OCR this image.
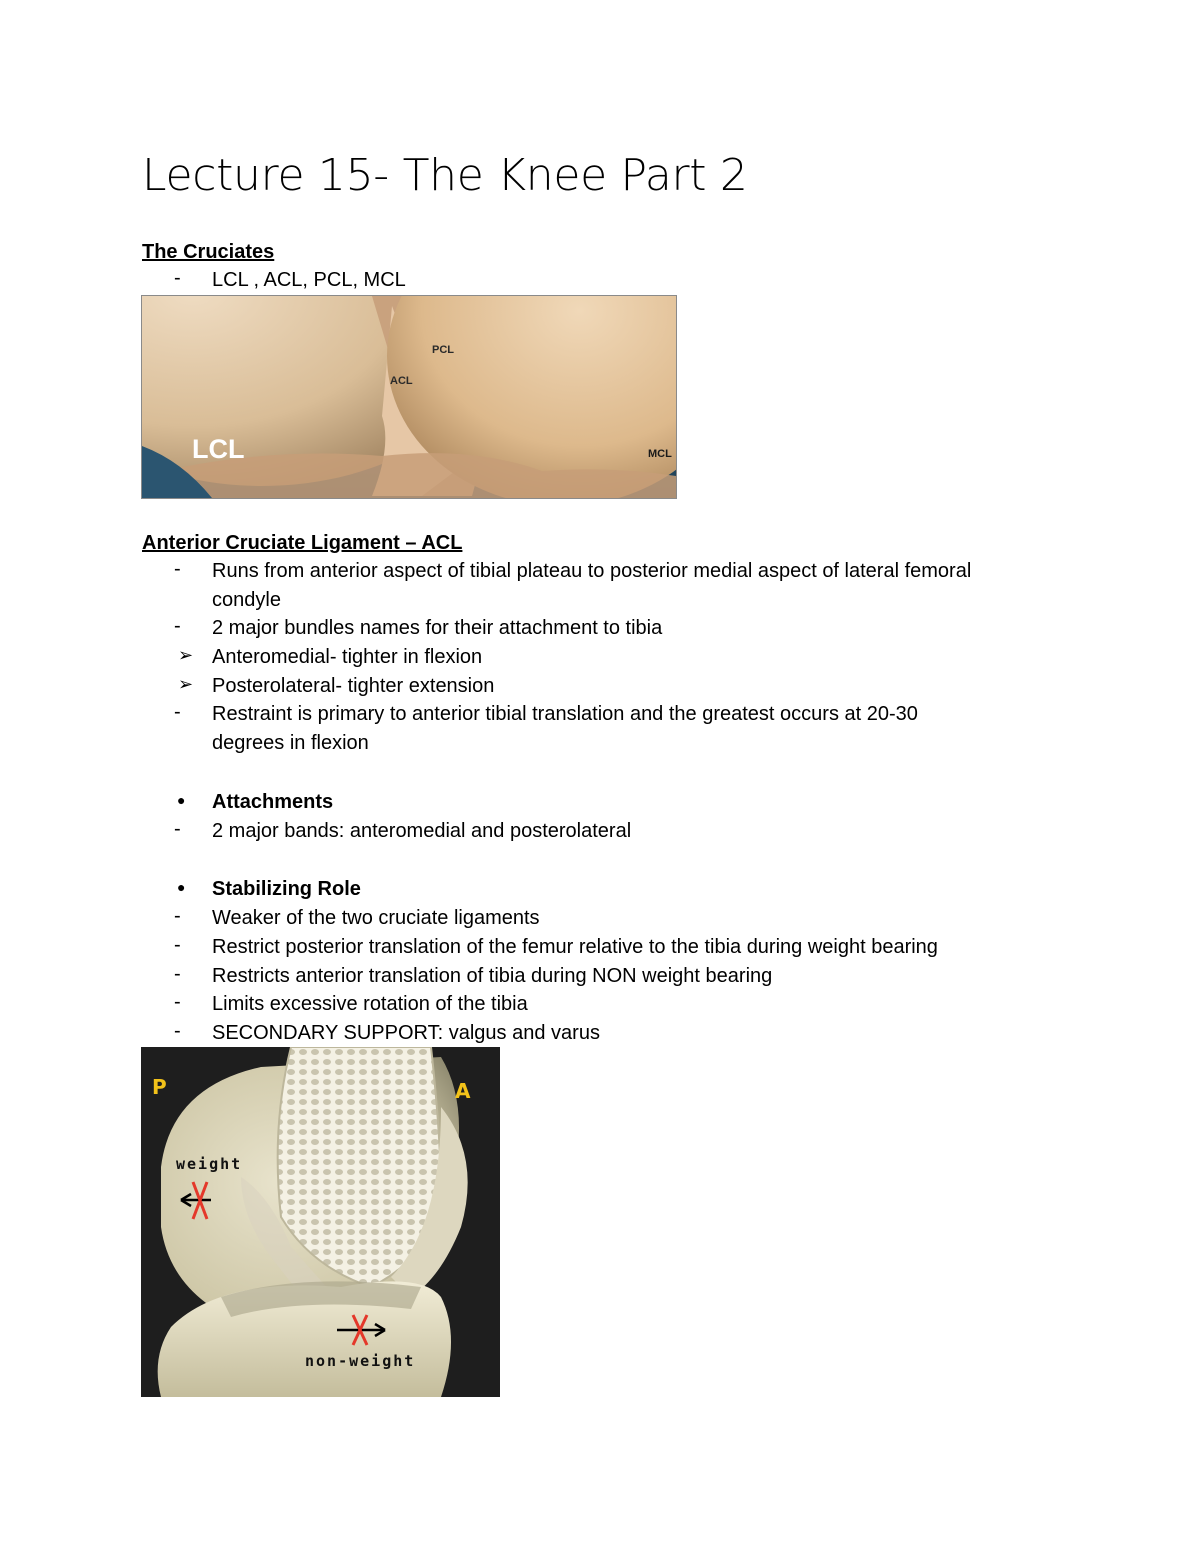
Lecture 15- The Knee Part 2
The Cruciates
- LCL , ACL, PCL, MCL
PCL
ACL
LCL	MCL
Anterior Cruciate Ligament – ACL
- Runs from anterior aspect of tibial plateau to posterior medial aspect of lateral femoral
condyle
- 2 major bundles names for their attachment to tibia
➢ Anteromedial- tighter in flexion
➢ Posterolateral- tighter extension
- Restraint is primary to anterior tibial translation and the greatest occurs at 20-30
degrees in flexion
● Attachments
- 2 major bands: anteromedial and posterolateral
● Stabilizing Role
- Weaker of the two cruciate ligaments
- Restrict posterior translation of the femur relative to the tibia during weight bearing
- Restricts anterior translation of tibia during NON weight bearing
- Limits excessive rotation of the tibia
- SECONDARY SUPPORT: valgus and varus
P	A
weight
non-weight
